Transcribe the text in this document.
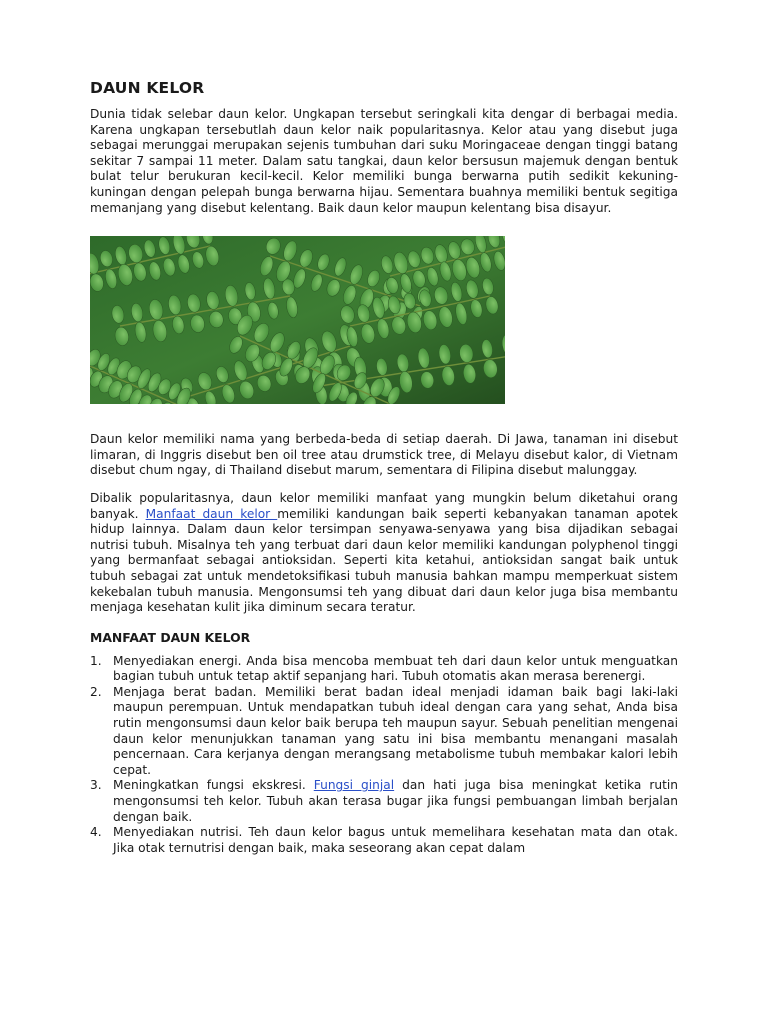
DAUN KELOR

Dunia tidak selebar daun kelor. Ungkapan tersebut seringkali kita dengar di berbagai media. Karena ungkapan tersebutlah daun kelor naik popularitasnya. Kelor atau yang disebut juga sebagai merunggai merupakan sejenis tumbuhan dari suku Moringaceae dengan tinggi batang sekitar 7 sampai 11 meter. Dalam satu tangkai, daun kelor bersusun majemuk dengan bentuk bulat telur berukuran kecil-kecil. Kelor memiliki bunga berwarna putih sedikit kekuning-kuningan dengan pelepah bunga berwarna hijau. Sementara buahnya memiliki bentuk segitiga memanjang yang disebut kelentang. Baik daun kelor maupun kelentang bisa disayur.

Daun kelor memiliki nama yang berbeda-beda di setiap daerah. Di Jawa, tanaman ini disebut limaran, di Inggris disebut ben oil tree atau drumstick tree, di Melayu disebut kalor, di Vietnam disebut chum ngay, di Thailand disebut marum, sementara di Filipina disebut malunggay.

Dibalik popularitasnya, daun kelor memiliki manfaat yang mungkin belum diketahui orang banyak. Manfaat daun kelor memiliki kandungan baik seperti kebanyakan tanaman apotek hidup lainnya. Dalam daun kelor tersimpan senyawa-senyawa yang bisa dijadikan sebagai nutrisi tubuh. Misalnya teh yang terbuat dari daun kelor memiliki kandungan polyphenol tinggi yang bermanfaat sebagai antioksidan. Seperti kita ketahui, antioksidan sangat baik untuk tubuh sebagai zat untuk mendetoksifikasi tubuh manusia bahkan mampu memperkuat sistem kekebalan tubuh manusia. Mengonsumsi teh yang dibuat dari daun kelor juga bisa membantu menjaga kesehatan kulit jika diminum secara teratur.

MANFAAT DAUN KELOR
1. Menyediakan energi. Anda bisa mencoba membuat teh dari daun kelor untuk menguatkan bagian tubuh untuk tetap aktif sepanjang hari. Tubuh otomatis akan merasa berenergi.
2. Menjaga berat badan. Memiliki berat badan ideal menjadi idaman baik bagi laki-laki maupun perempuan. Untuk mendapatkan tubuh ideal dengan cara yang sehat, Anda bisa rutin mengonsumsi daun kelor baik berupa teh maupun sayur. Sebuah penelitian mengenai daun kelor menunjukkan tanaman yang satu ini bisa membantu menangani masalah pencernaan. Cara kerjanya dengan merangsang metabolisme tubuh membakar kalori lebih cepat.
3. Meningkatkan fungsi ekskresi. Fungsi ginjal dan hati juga bisa meningkat ketika rutin mengonsumsi teh kelor. Tubuh akan terasa bugar jika fungsi pembuangan limbah berjalan dengan baik.
4. Menyediakan nutrisi. Teh daun kelor bagus untuk memelihara kesehatan mata dan otak. Jika otak ternutrisi dengan baik, maka seseorang akan cepat dalam
